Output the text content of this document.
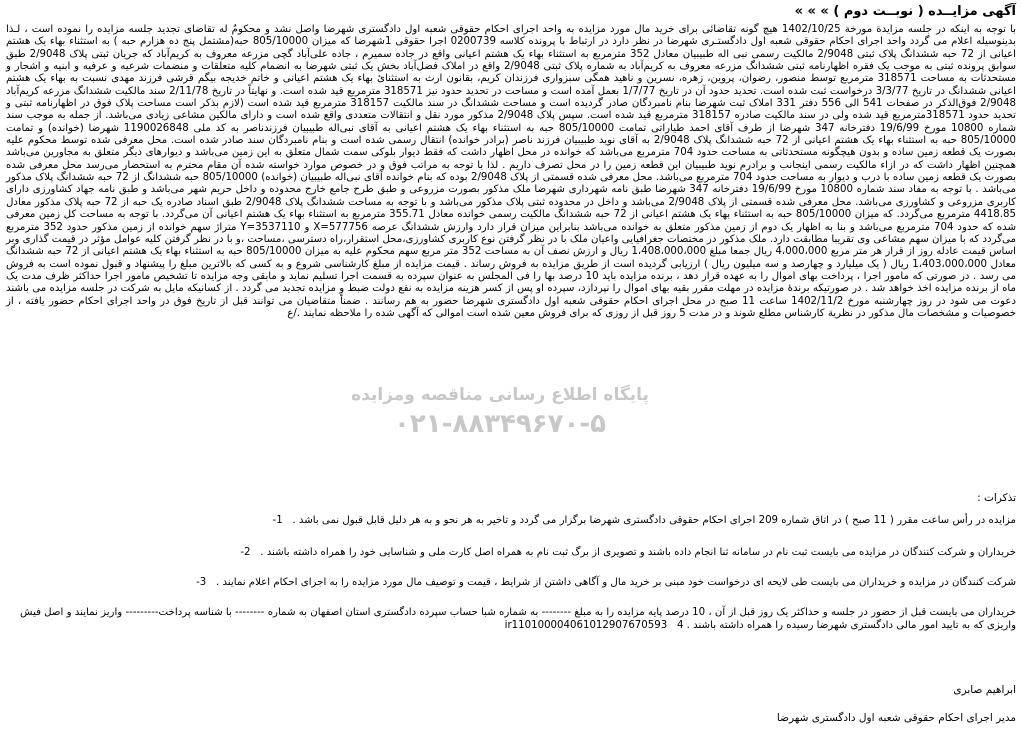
آگهی مزایــده ( نوبــت دوم ) » » »

با توجه به اینکه در جلسه مزایدة مورخة 1402/10/25 هیچ گونه تقاضائی برای خرید مال مورد مزایده به واحد اجرای احکام حقوقی شعبه اول دادگستری شهرضا واصل نشد و محکومٌ له تقاضای تجدید جلسه مزایده را نموده است ، لـذا بدینوسیله اعلام می گردد واحد اجرای احکام حقوقی شعبه اول دادگستـری شهرضا در نظر دارد در ارتباط با پرونده کلاسه 0200739 اجرا حقوقی 1شهرضا که میزان 805/10000 حبه(مشتمل پنج ده هزارم حبه ) به استثناء بهاء یک هشتم اعیانی از 72 حبه ششدانگ پلاک ثبتی 2/9048 مالکیت رسمی نبی اله طبیبیان معادل 352 مترمربع به استثناء بهاء یک هشتم اعیانی واقع در جاده سمیرم ، جاده علی‌آباد گچی مزرعه معروف به کریم‌آباد که جریان ثبتی پلاک 2/9048 طبق سوابق پرونده ثبتی به موجب یک فقره اظهارنامه ثبتی ششدانگ مزرعه معروف به کریم‌آباد به شماره پلاک ثبتی 2/9048 واقع در املاک فضل‌آباد بخش یک ثبتی شهرضا به انضمام کلیه متعلقات و منضمات شرعیه و عرفیه و ابنیه و اشجار و مستحدثات به مساحت 318571 مترمربع توسط منصور، رضوان، پروین، زهره، نسرین و ناهید همگی سبزواری فرزندان کریم، بقانون ارث به استثنائ بهاء یک هشتم اعیانی و خاتم خدیجه بیگم قرشی فرزند مهدی نسبت به بهاء یک هشتم اعیانی ششدانگ در تاریخ 3/3/77 درخواست ثبت شده است. تحدید حدود آن در تاریخ 1/7/77 بعمل آمده است و مساحت در تحدید حدود نیز 318571 مترمربع قید شده است. و نهایتاً در تاریخ 2/11/78 سند مالکیت ششدانگ مزرعه کریم‌آباد 2/9048 فوق‌الذکر در صفحات 541 الی 556 دفتر 331 املاک ثبت شهرضا بنام نامبردگان صادر گردیده است و مساحت ششدانگ در سند مالکیت 318157 مترمربع قید شده است (لازم بذکر است مساحت پلاک فوق در اظهارنامه ثبتی و تحدید حدود 318571مترمربع قید شده ولی در سند مالکیت صادره 318157 مترمربع قید شده است. سپس پلاک 2/9048 مذکور مورد نقل و انتقالات متعددی واقع شده است و دارای مالکین مشاعی زیادی می‌باشد. از جمله به موجب سند شماره 10800 مورخ 19/6/99 دفترخانه 347 شهرضا از طرف آقای احمد طیاراتی تمامت 805/10000 حبه به استثناء بهاء یک هشتم اعیانی به آقای نبی‌اله طبیبیان فرزندناصر به کد ملی 1190026848 شهرضا (خوانده) و تمامت 805/10000 حبه به استثناء بهاء یک هشتم اعیانی از 72 حبه ششدانگ پلاک 2/9048 به آقای نوید طبیبیان فرزند ناصر (برادر خوانده) انتقال رسمی شده است و بنام نامبردگان سند صادر شده است. محل معرفی شده توسط محکوم علیه بصورت یک قطعه زمین ساده و بدون هیچگونه مستحدثاتی به مساحت حدود 704 مترمربع می‌باشد که خوانده در محل اظهار داشت که فقط دیوار بلوکی سمت شمال متعلق به این زمین می‌باشد و دیوارهای دیگر متعلق به مجاورین می‌باشد همچنین اظهار داشت که در ازاء مالکیت رسمی اینجانب و برادرم نوید طبیبیان این قطعه زمین را در محل تصرف داریم . لذا با توجه به مراتب فوق و در خصوص موارد خواسته شده آن مقام محترم به استحضار می‌رسد محل معرفی شده بصورت یک قطعه زمین ساده با درب و دیوار به مساحت حدود 704 مترمربع می‌باشد. محل معرفی شده قسمتی از پلاک 2/9048 بوده که بنام خوانده آقای نبی‌اله طبیبیان (خوانده) 805/10000 حبه ششدانگ از 72 حبه ششدانگ پلاک مذکور می‌باشد . با توجه به مفاد سند شماره 10800 مورخ 19/6/99 دفترخانه 347 شهرضا طبق نامه شهرداری شهرضا ملک مذکور بصورت مزروعی و طبق طرح جامع خارج محدوده و داخل حریم شهر می‌باشد و طبق نامه جهاد کشاورزی دارای کاربری مزروعی و کشاورزی می‌باشد. محل معرفی شده قسمتی از پلاک 2/9048 می‌باشد و داخل در محدوده ثبتی پلاک مذکور می‌باشد و با توجه به مساحت ششدانگ پلاک 2/9048 طبق اسناد صادره یک حبه از 72 حبه پلاک مذکور معادل 4418.85 مترمربع می‌گردد. که میزان 805/10000 حبه به استثناء بهاء یک هشتم اعیانی از 72 حبه ششدانگ مالکیت رسمی خوانده معادل 355.71 مترمربع به استثناء بهاء یک هشتم اعیانی آن می‌گردد. با توجه به مساحت کل زمین معرفی شده که حدود 704 مترمربع می‌باشد و بنا به اظهار یک دوم از زمین مذکور متعلق به خوانده می‌باشد بنابراین میزان قرار دارد وارزش ششدانگ عرصه X=577756 و Y=3537110 متراژ سهم خوانده از زمین مذکور حدود 352 مترمربع می‌گردد که با میزان سهم مشاعی وی تقریبا مطابقت دارد. ملک مذکور در مختصات جغرافیایی واعیان ملک با در نظر گرفتن نوع کاربری کشاورزی،محل استقرار،راه دسترسی ،مساحت ،و با در نظر گرفتن کلیه عوامل مؤثر در قیمت گذاری وبر اساس قیمت عادله روز از قرار هر متر مربع 4،000،000 ریال جمعا مبلغ 1،408،000،000 ریال و ارزش نصف آن به مساحت 352 متر مربع سهم محکوم علیه به میزان 805/10000 حبه به استثناء بهاء یک هشتم اعیانی از 72 حبه ششدانگ معادل 1،403،000،000 ریال ( یک میلیارد و چهارصد و سه میلیون ریال ) ارزیابی گردیده است از طریق مزایده به فروش رساند . قیمت مزایده از مبلغ کارشناسی شروع و به کسی که بالاترین مبلغ را پیشنهاد و قبول نموده است به فروش می رسد . در صورتی که مامور اجرا ، پرداخت بهای اموال را به عهده قرار دهد ، برنده مزایده باید 10 درصد بها را فی المجلس به عنوان سپرده به قسمت اجرا تسلیم نماید و مابقی وجه مزایده تا تشخیص مامور اجرا حداکثر ظرف مدت یک ماه از برنده مزایده اخذ خواهد شد . در صورتیکه برندهٔ مزایده در مهلت مقرر بقیه بهای اموال را نپردازد، سپرده او پس از کسر هزینه مزایده به نفع دولت ضبط و مزایده تجدید می گردد . از کسانیکه مایل به شرکت در جلسه مزایده می باشند دعوت می شود در روز چهارشنبه مورخ 1402/11/2 ساعت 11 صبح در محل اجرای احکام حقوقی شعبه اول دادگستری شهرضا حضور به هم رسانند . ضمناً متقاضیان می توانند قبل از تاریخ فوق در واحد اجرای احکام حضور یافته ، از خصوصیات و مشخصات مال مذکور در نظریة کارشناس مطلع شوند و در مدت 5 روز قبل از روزی که برای فروش معین شده است اموالی که آگهی شده را ملاحظه نمایند ./ع

پایگاه اطلاع رسانی مناقصه ومزایده
۰۲۱-۸۸۳۴۹۶۷۰-۵
تذکرات :
مزایده در رأس ساعت مقرر ( 11 صبح ) در اتاق شماره 209 اجرای احکام حقوقی دادگستری شهرضا برگزار می گردد و تاخیر به هر نحو و به هر دلیل قابل قبول نمی باشد .   1-
خریداران و شرکت کنندگان در مزایده می بایست ثبت نام در سامانه ثنا انجام داده باشند و تصویری از برگ ثبت نام به همراه اصل کارت ملی و شناسایی خود را همراه داشته باشند .   2-
شرکت کنندگان در مزایده و خریداران می بایست طی لایحه ای درخواست خود مبنی بر خرید مال و آگاهی داشتن از شرایط ، قیمت و توصیف مال مورد مزایده را به اجرای احکام اعلام نمایند .   3-
خریداران می بایست قبل از حضور در جلسه و حداکثر یک روز قبل از آن ، 10 درصد پایه مزایده را به مبلغ -------- به شماره شبا حساب سپرده دادگستری استان اصفهان به شماره -------- با شناسه پرداخت--------- واریز نمایند و اصل فیش واریزی که به تایید امور مالی دادگستری شهرضا رسیده را همراه داشته باشند . ir110100004061012907670593   4
ابراهیم صابری
مدیر اجرای احکام حقوقی شعبه اول دادگستری شهرضا
